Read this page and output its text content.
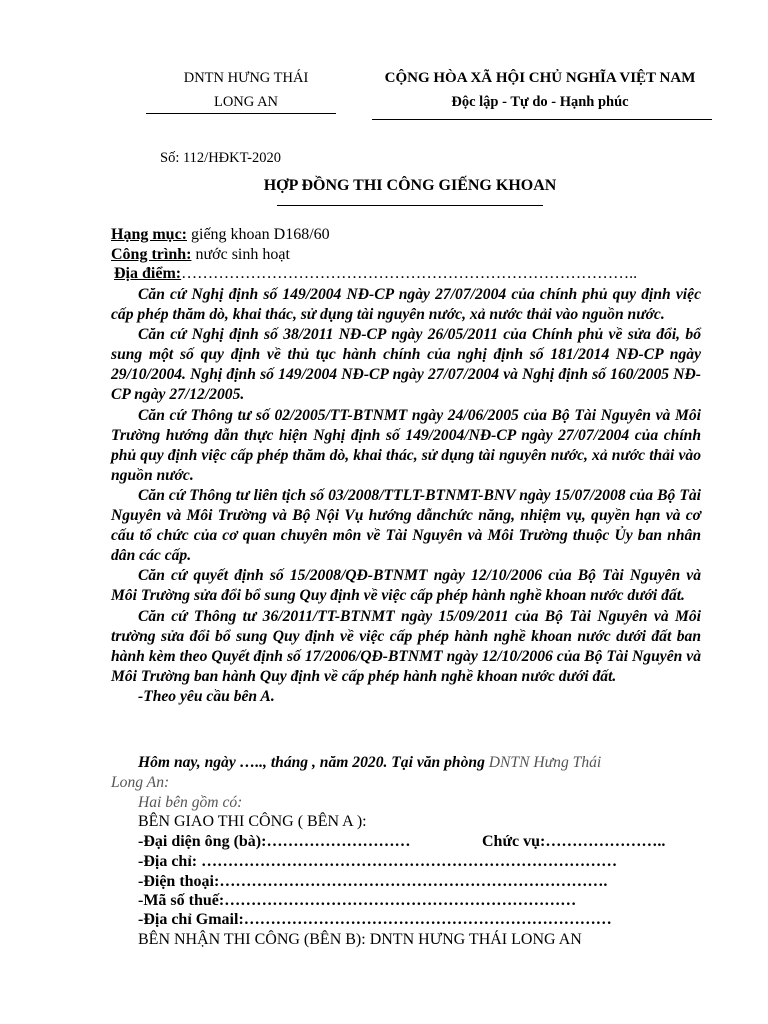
DNTN HƯNG THÁI
LONG AN
CỘNG HÒA XÃ HỘI CHỦ NGHĨA VIỆT NAM
Độc lập - Tự do - Hạnh phúc
Số: 112/HĐKT-2020
HỢP ĐỒNG THI CÔNG GIẾNG KHOAN
Hạng mục: giếng khoan D168/60
Công trình: nước sinh hoạt
Địa điểm:…………………………………………………………………………..

Căn cứ Nghị định số 149/2004 NĐ-CP ngày 27/07/2004 của chính phủ quy định việc cấp phép thăm dò, khai thác, sử dụng tài nguyên nước, xả nước thải vào nguồn nước.

Căn cứ Nghị định số 38/2011 NĐ-CP ngày 26/05/2011 của Chính phủ về sửa đổi, bổ sung một số quy định về thủ tục hành chính của nghị định số 181/2014 NĐ-CP ngày 29/10/2004. Nghị định số 149/2004 NĐ-CP ngày 27/07/2004 và Nghị định số 160/2005 NĐ-CP ngày 27/12/2005.

Căn cứ Thông tư số 02/2005/TT-BTNMT ngày 24/06/2005 của Bộ Tài Nguyên và Môi Trường hướng dẫn thực hiện Nghị định số 149/2004/NĐ-CP ngày 27/07/2004 của chính phủ quy định việc cấp phép thăm dò, khai thác, sử dụng tài nguyên nước, xả nước thải vào nguồn nước.

Căn cứ Thông tư liên tịch số 03/2008/TTLT-BTNMT-BNV ngày 15/07/2008 của Bộ Tài Nguyên và Môi Trường và Bộ Nội Vụ hướng dẫnchức năng, nhiệm vụ, quyền hạn và cơ cấu tổ chức của cơ quan chuyên môn về Tài Nguyên và Môi Trường thuộc Ủy ban nhân dân các cấp.

Căn cứ quyết định số 15/2008/QĐ-BTNMT ngày 12/10/2006 của Bộ Tài Nguyên và Môi Trường sửa đổi bổ sung Quy định về việc cấp phép hành nghề khoan nước dưới đất.

Căn cứ Thông tư 36/2011/TT-BTNMT ngày 15/09/2011 của Bộ Tài Nguyên và Môi trường sửa đổi bổ sung Quy định về việc cấp phép hành nghề khoan nước dưới đất ban hành kèm theo Quyết định số 17/2006/QĐ-BTNMT ngày 12/10/2006 của Bộ Tài Nguyên và Môi Trường ban hành Quy định về cấp phép hành nghề khoan nước dưới đất.

-Theo yêu cầu bên A.

Hôm nay, ngày ….., tháng , năm 2020. Tại văn phòng DNTN Hưng Thái
Long An:
Hai bên gồm có:
BÊN GIAO THI CÔNG ( BÊN A ):
-Đại diện ông (bà):………………………	Chức vụ:…………………..
-Địa chỉ: ……………………………………………………………………
-Điện thoại:……………………………………………………………….
-Mã số thuế:…………………………………………………………
-Địa chỉ Gmail:……………………………………………………………
BÊN NHẬN THI CÔNG (BÊN B): DNTN HƯNG THÁI LONG AN
